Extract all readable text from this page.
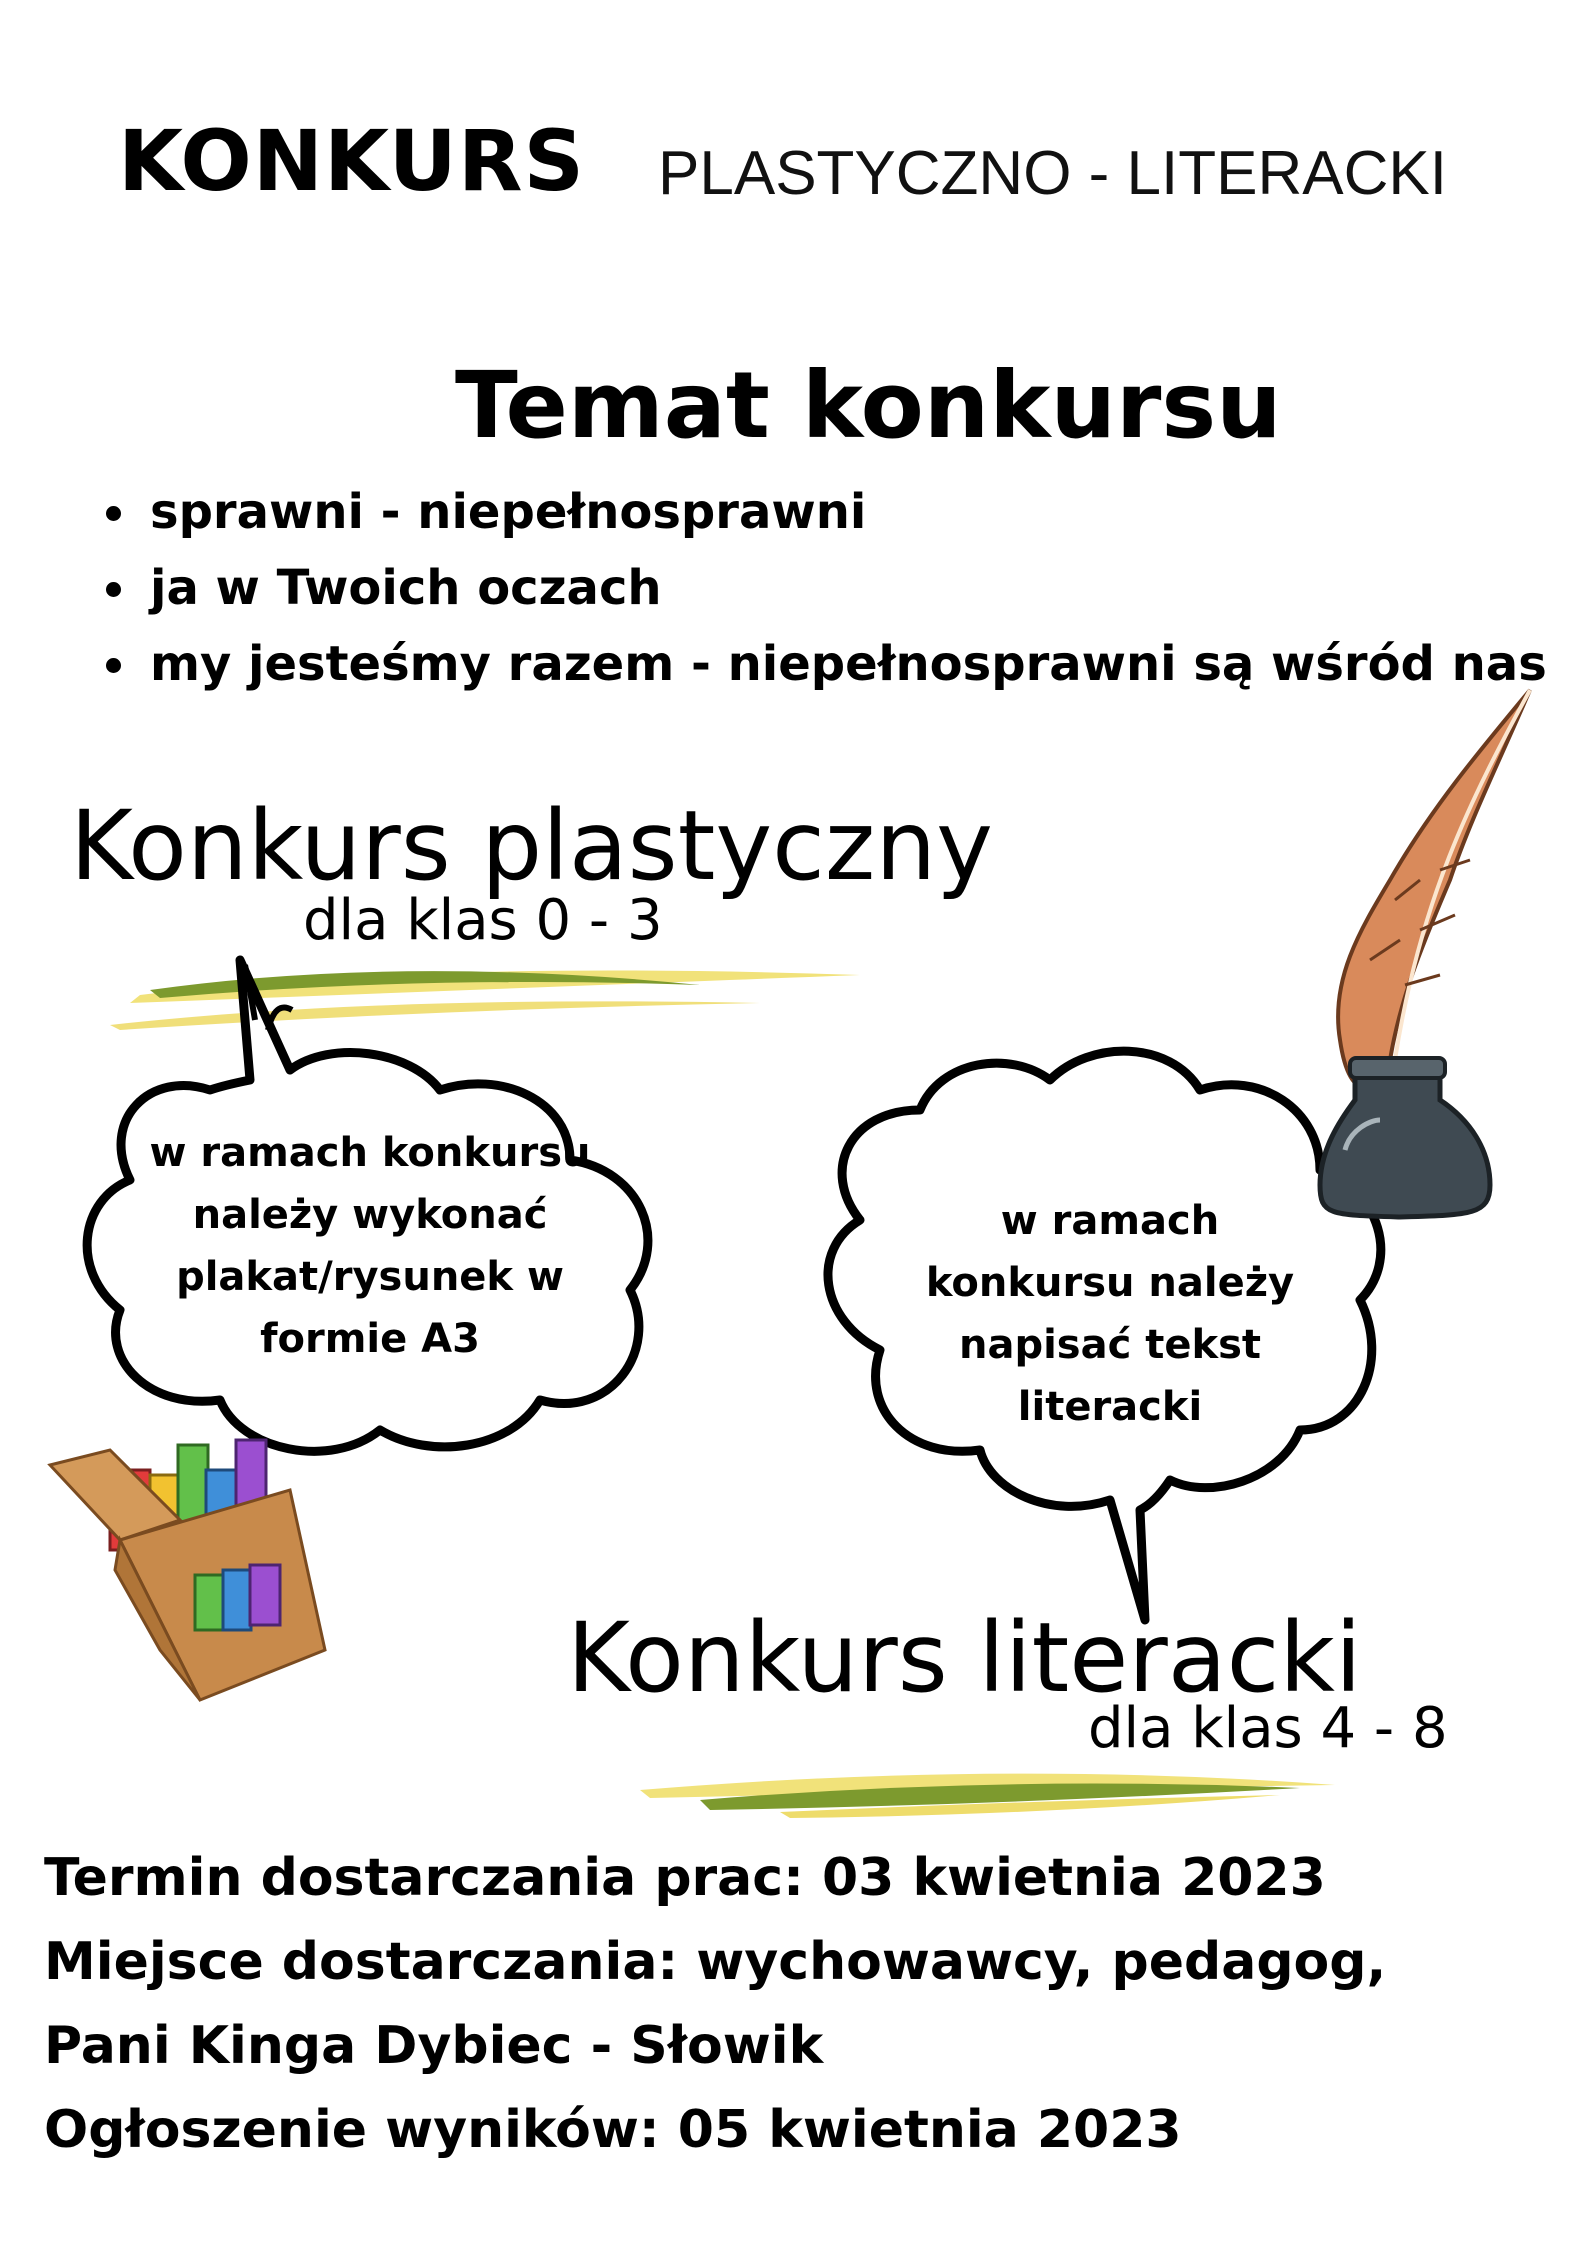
KONKURS PLASTYCZNO - LITERACKI
Temat konkursu
sprawni - niepełnosprawni
ja w Twoich oczach
my jesteśmy razem - niepełnosprawni są wśród nas
Konkurs plastyczny
dla klas 0 - 3
w ramach konkursu
należy wykonać
plakat/rysunek w
formie A3
w ramach
konkursu należy
napisać tekst
literacki
Konkurs literacki
dla klas 4 - 8
Termin dostarczania prac: 03 kwietnia 2023
Miejsce dostarczania: wychowawcy, pedagog,
Pani Kinga Dybiec - Słowik
Ogłoszenie wyników: 05 kwietnia 2023
